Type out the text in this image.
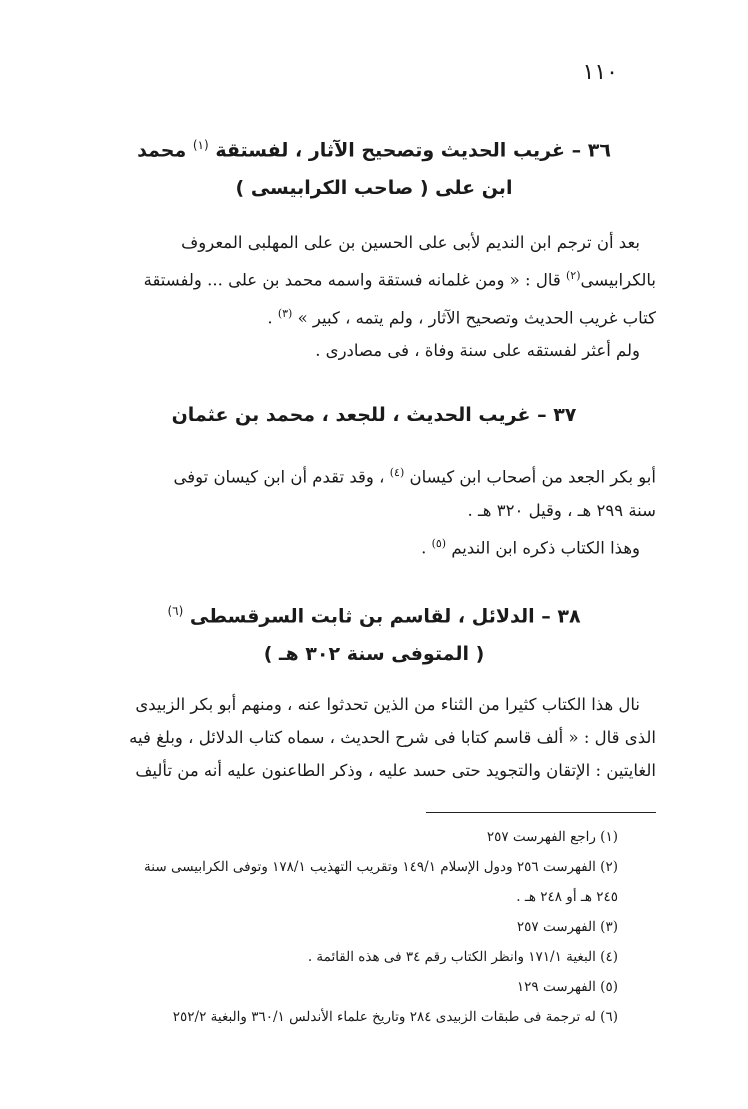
١١٠
٣٦ – غريب الحديث وتصحيح الآثار ، لفستقة $^{(١)}$ محمد
ابن على ( صاحب الكرابيسى )

بعد أن ترجم ابن النديم لأبى على الحسين بن على المهلبى المعروف

بالكرابيسى$^{(٢)}$ قال : « ومن غلمانه فستقة واسمه محمد بن على ... ولفستقة

كتاب غريب الحديث وتصحيح الآثار ، ولم يتمه ، كبير » $^{(٣)}$ .

ولم أعثر لفستقه على سنة وفاة ، فى مصادرى .

٣٧ – غريب الحديث ، للجعد ، محمد بن عثمان

أبو بكر الجعد من أصحاب ابن كيسان $^{(٤)}$ ، وقد تقدم أن ابن كيسان توفى

سنة ٢٩٩ هـ ، وقيل ٣٢٠ هـ .

وهذا الكتاب ذكره ابن النديم $^{(٥)}$ .

٣٨ – الدلائل ، لقاسم بن ثابت السرقسطى $^{(٦)}$
( المتوفى سنة ٣٠٢ هـ )

نال هذا الكتاب كثيرا من الثناء من الذين تحدثوا عنه ، ومنهم أبو بكر الزبيدى

الذى قال : « ألف قاسم كتابا فى شرح الحديث ، سماه كتاب الدلائل ، وبلغ فيه

الغايتين : الإتقان والتجويد حتى حسد عليه ، وذكر الطاعنون عليه أنه من تأليف

(١) راجع الفهرست ٢٥٧

(٢) الفهرست ٢٥٦ ودول الإسلام ١٤٩/١ وتقريب التهذيب ١٧٨/١ وتوفى الكرابيسى سنة

٢٤٥ هـ أو ٢٤٨ هـ .

(٣) الفهرست ٢٥٧

(٤) البغية ١٧١/١ وانظر الكتاب رقم ٣٤ فى هذه القائمة .

(٥) الفهرست ١٢٩

(٦) له ترجمة فى طبقات الزبيدى ٢٨٤ وتاريخ علماء الأندلس ٣٦٠/١ والبغية ٢٥٢/٢
